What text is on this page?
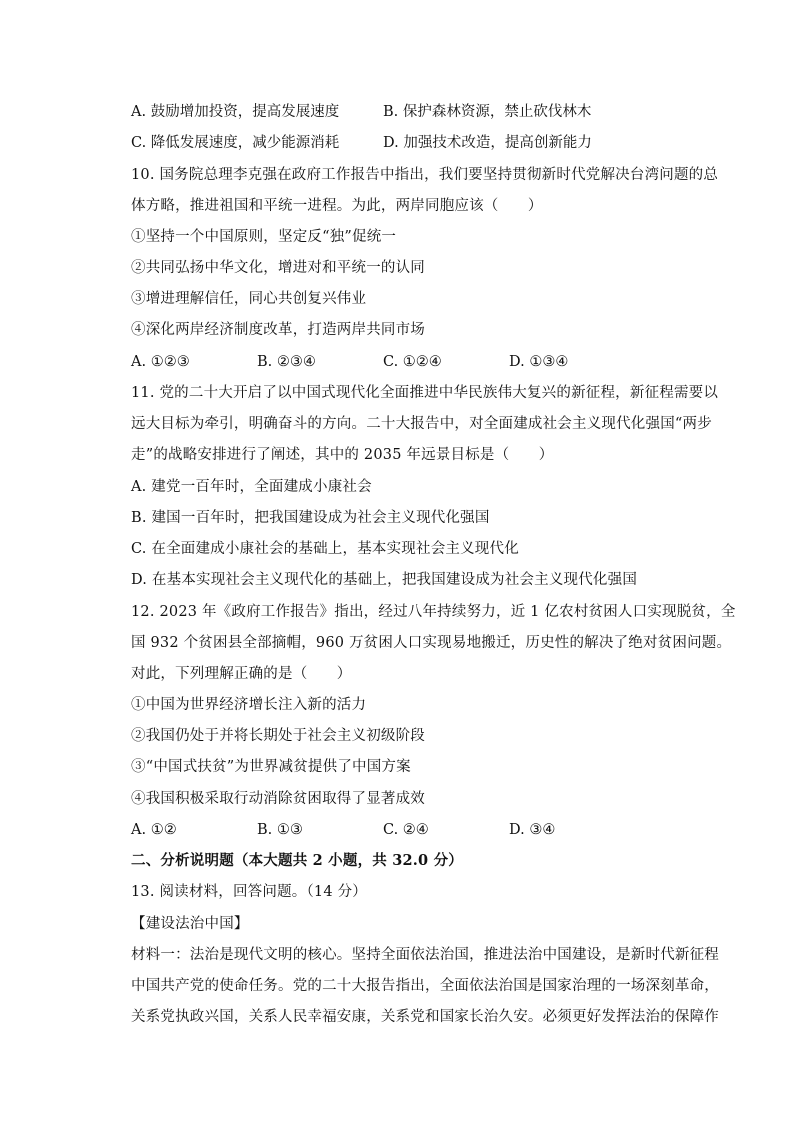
A. 鼓励增加投资，提高发展速度	B. 保护森林资源，禁止砍伐林木
C. 降低发展速度，减少能源消耗	D. 加强技术改造，提高创新能力
10. 国务院总理李克强在政府工作报告中指出，我们要坚持贯彻新时代党解决台湾问题的总
体方略，推进祖国和平统一进程。为此，两岸同胞应该（　　）
①坚持一个中国原则，坚定反“独”促统一
②共同弘扬中华文化，增进对和平统一的认同
③增进理解信任，同心共创复兴伟业
④深化两岸经济制度改革，打造两岸共同市场
A. ①②③	B. ②③④	C. ①②④	D. ①③④
11. 党的二十大开启了以中国式现代化全面推进中华民族伟大复兴的新征程，新征程需要以
远大目标为牵引，明确奋斗的方向。二十大报告中，对全面建成社会主义现代化强国“两步
走”的战略安排进行了阐述，其中的 2035 年远景目标是（　　）
A. 建党一百年时，全面建成小康社会
B. 建国一百年时，把我国建设成为社会主义现代化强国
C. 在全面建成小康社会的基础上，基本实现社会主义现代化
D. 在基本实现社会主义现代化的基础上，把我国建设成为社会主义现代化强国
12. 2023 年《政府工作报告》指出，经过八年持续努力，近 1 亿农村贫困人口实现脱贫，全
国 932 个贫困县全部摘帽，960 万贫困人口实现易地搬迁，历史性的解决了绝对贫困问题。
对此，下列理解正确的是（　　）
①中国为世界经济增长注入新的活力
②我国仍处于并将长期处于社会主义初级阶段
③“中国式扶贫”为世界减贫提供了中国方案
④我国积极采取行动消除贫困取得了显著成效
A. ①②	B. ①③	C. ②④	D. ③④
二、分析说明题（本大题共 2 小题，共 32.0 分）
13. 阅读材料，回答问题。（14 分）
【建设法治中国】
材料一：法治是现代文明的核心。坚持全面依法治国，推进法治中国建设，是新时代新征程
中国共产党的使命任务。党的二十大报告指出，全面依法治国是国家治理的一场深刻革命，
关系党执政兴国，关系人民幸福安康，关系党和国家长治久安。必须更好发挥法治的保障作
